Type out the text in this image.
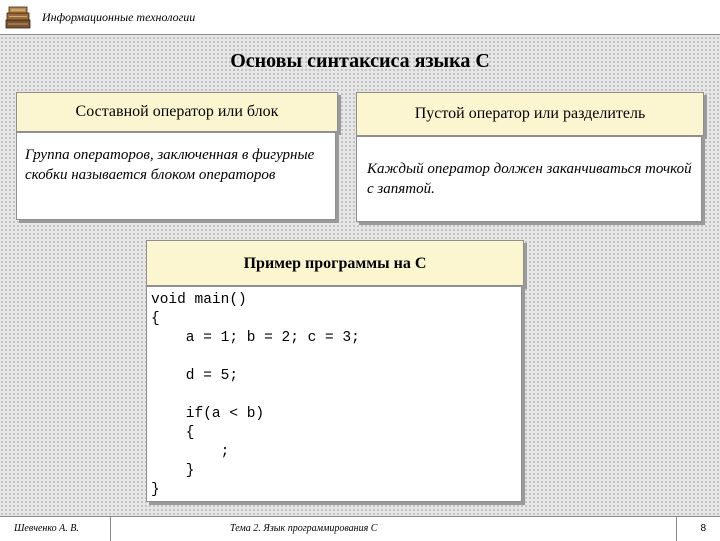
Информационные технологии
Основы синтаксиса языка С
Составной оператор или блок
Группа операторов, заключенная в фигурные скобки называется блоком операторов
Пустой оператор или разделитель
Каждый оператор должен заканчиваться точкой с запятой.
Пример программы на С
void main()
{
a = 1; b = 2; c = 3;
d = 5;
if(a < b)
{
;
}
}
Шевченко А. В.	Тема 2. Язык программирования С	8
